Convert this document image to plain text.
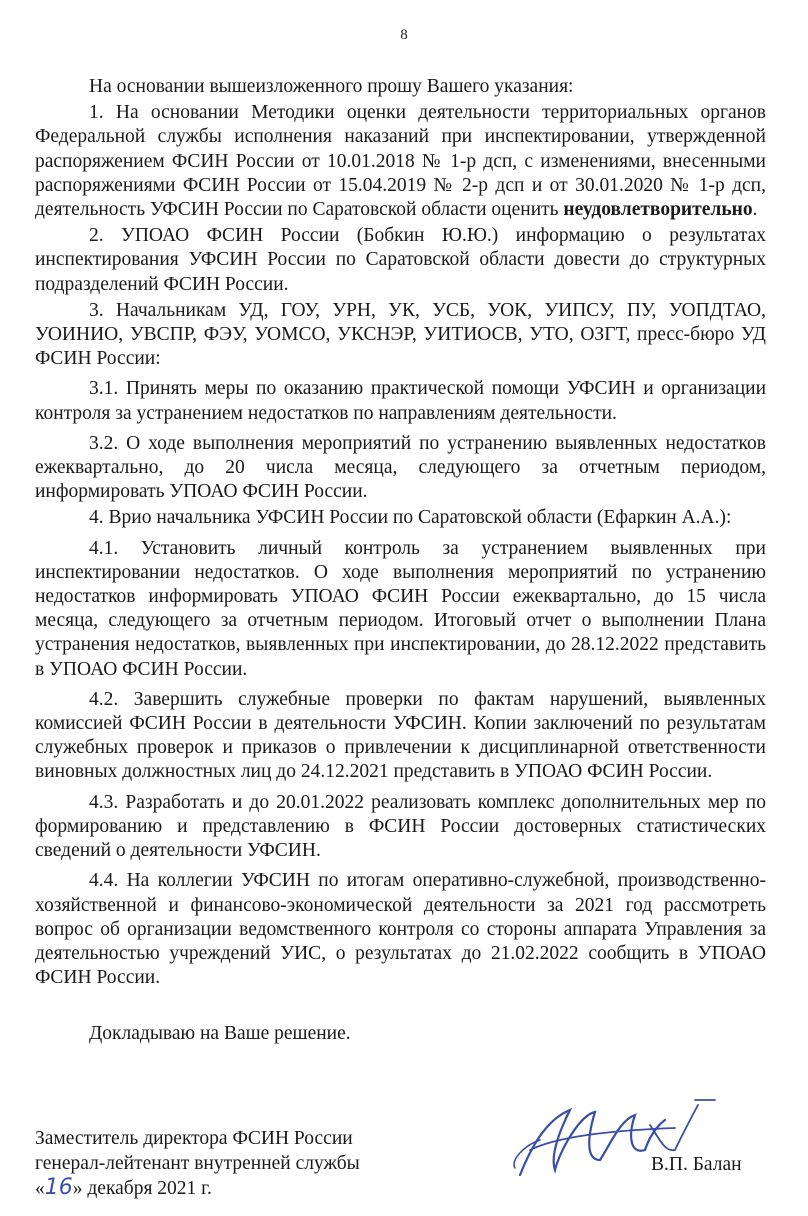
8

На основании вышеизложенного прошу Вашего указания:

1. На основании Методики оценки деятельности территориальных органов Федеральной службы исполнения наказаний при инспектировании, утвержденной распоряжением ФСИН России от 10.01.2018 № 1-р дсп, с изменениями, внесенными распоряжениями ФСИН России от 15.04.2019 № 2-р дсп и от 30.01.2020 № 1-р дсп, деятельность УФСИН России по Саратовской области оценить неудовлетворительно.

2. УПОАО ФСИН России (Бобкин Ю.Ю.) информацию о результатах инспектирования УФСИН России по Саратовской области довести до структурных подразделений ФСИН России.

3. Начальникам УД, ГОУ, УРН, УК, УСБ, УОК, УИПСУ, ПУ, УОПДТАО, УОИНИО, УВСПР, ФЭУ, УОМСО, УКСНЭР, УИТИОСВ, УТО, ОЗГТ, пресс-бюро УД ФСИН России:

3.1. Принять меры по оказанию практической помощи УФСИН и организации контроля за устранением недостатков по направлениям деятельности.

3.2. О ходе выполнения мероприятий по устранению выявленных недостатков ежеквартально, до 20 числа месяца, следующего за отчетным периодом, информировать УПОАО ФСИН России.

4. Врио начальника УФСИН России по Саратовской области (Ефаркин А.А.):

4.1. Установить личный контроль за устранением выявленных при инспектировании недостатков. О ходе выполнения мероприятий по устранению недостатков информировать УПОАО ФСИН России ежеквартально, до 15 числа месяца, следующего за отчетным периодом. Итоговый отчет о выполнении Плана устранения недостатков, выявленных при инспектировании, до 28.12.2022 представить в УПОАО ФСИН России.

4.2. Завершить служебные проверки по фактам нарушений, выявленных комиссией ФСИН России в деятельности УФСИН. Копии заключений по результатам служебных проверок и приказов о привлечении к дисциплинарной ответственности виновных должностных лиц до 24.12.2021 представить в УПОАО ФСИН России.

4.3. Разработать и до 20.01.2022 реализовать комплекс дополнительных мер по формированию и представлению в ФСИН России достоверных статистических сведений о деятельности УФСИН.

4.4. На коллегии УФСИН по итогам оперативно-служебной, производственно-хозяйственной и финансово-экономической деятельности за 2021 год рассмотреть вопрос об организации ведомственного контроля со стороны аппарата Управления за деятельностью учреждений УИС, о результатах до 21.02.2022 сообщить в УПОАО ФСИН России.

Докладываю на Ваше решение.

Заместитель директора ФСИН России
генерал-лейтенант внутренней службы
«16» декабря 2021 г.
В.П. Балан
